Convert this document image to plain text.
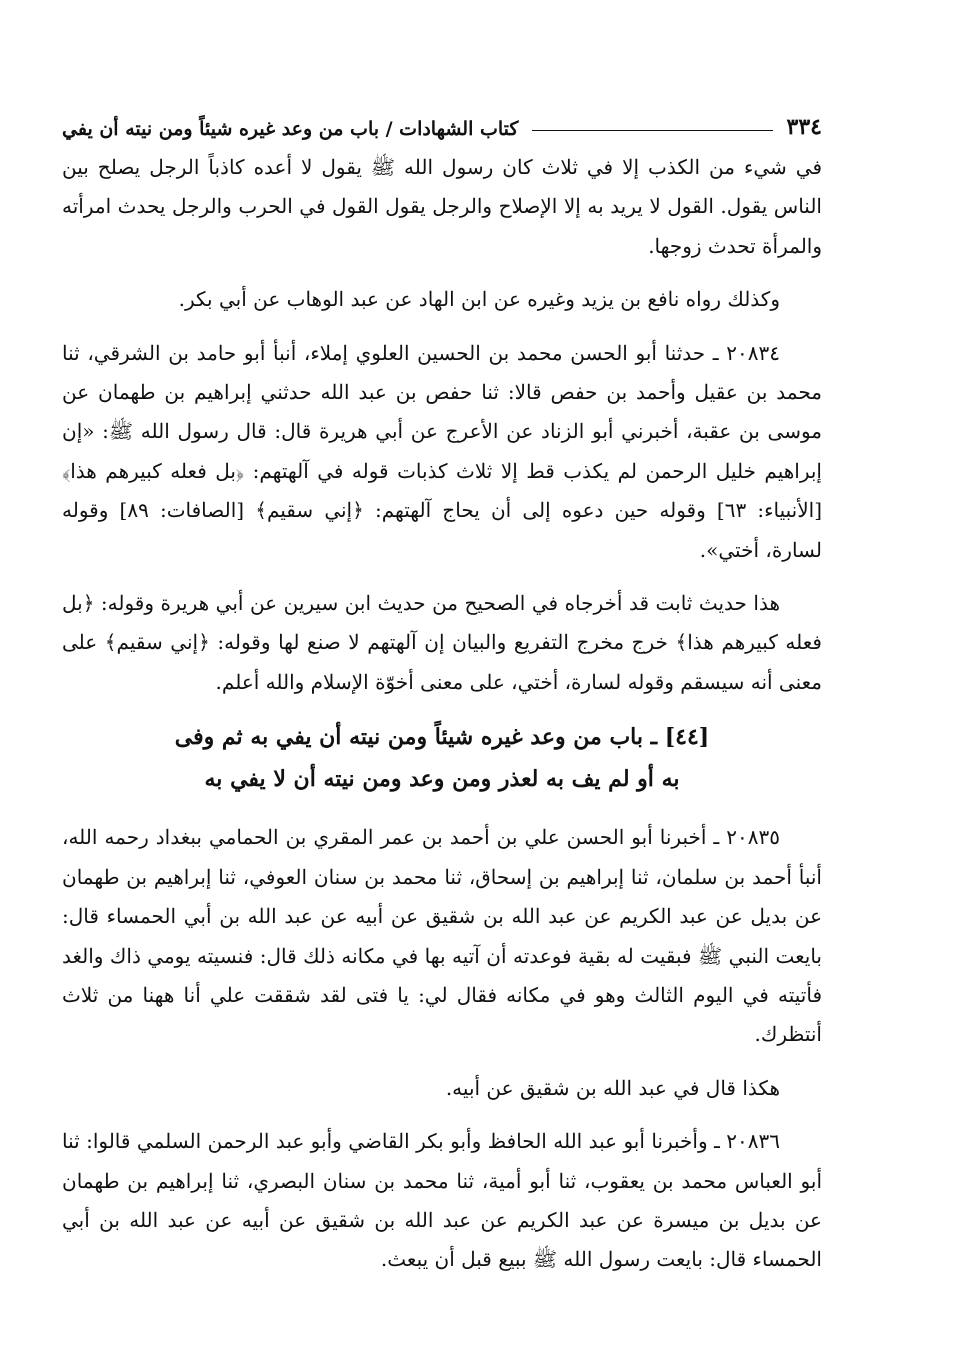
٣٣٤
كتاب الشهادات / باب من وعد غيره شيئاً ومن نيته أن يفي

في شيء من الكذب إلا في ثلاث كان رسول الله ﷺ يقول لا أعده كاذباً الرجل يصلح بين الناس يقول. القول لا يريد به إلا الإصلاح والرجل يقول القول في الحرب والرجل يحدث امرأته والمرأة تحدث زوجها.

وكذلك رواه نافع بن يزيد وغيره عن ابن الهاد عن عبد الوهاب عن أبي بكر.

٢٠٨٣٤ ـ حدثنا أبو الحسن محمد بن الحسين العلوي إملاء، أنبأ أبو حامد بن الشرقي، ثنا محمد بن عقيل وأحمد بن حفص قالا: ثنا حفص بن عبد الله حدثني إبراهيم بن طهمان عن موسى بن عقبة، أخبرني أبو الزناد عن الأعرج عن أبي هريرة قال: قال رسول الله ﷺ: «إن إبراهيم خليل الرحمن لم يكذب قط إلا ثلاث كذبات قوله في آلهتهم: ﴿بل فعله كبيرهم هذا﴾ [الأنبياء: ٦٣] وقوله حين دعوه إلى أن يحاج آلهتهم: ﴿إني سقيم﴾ [الصافات: ٨٩] وقوله لسارة، أختي».

هذا حديث ثابت قد أخرجاه في الصحيح من حديث ابن سيرين عن أبي هريرة وقوله: ﴿بل فعله كبيرهم هذا﴾ خرج مخرج التفريع والبيان إن آلهتهم لا صنع لها وقوله: ﴿إني سقيم﴾ على معنى أنه سيسقم وقوله لسارة، أختي، على معنى أخوّة الإسلام والله أعلم.

[٤٤] ـ باب من وعد غيره شيئاً ومن نيته أن يفي به ثم وفى
به أو لم يف به لعذر ومن وعد ومن نيته أن لا يفي به

٢٠٨٣٥ ـ أخبرنا أبو الحسن علي بن أحمد بن عمر المقري بن الحمامي ببغداد رحمه الله، أنبأ أحمد بن سلمان، ثنا إبراهيم بن إسحاق، ثنا محمد بن سنان العوفي، ثنا إبراهيم بن طهمان عن بديل عن عبد الكريم عن عبد الله بن شقيق عن أبيه عن عبد الله بن أبي الحمساء قال: بايعت النبي ﷺ فبقيت له بقية فوعدته أن آتيه بها في مكانه ذلك قال: فنسيته يومي ذاك والغد فأتيته في اليوم الثالث وهو في مكانه فقال لي: يا فتى لقد شققت علي أنا ههنا من ثلاث أنتظرك.

هكذا قال في عبد الله بن شقيق عن أبيه.

٢٠٨٣٦ ـ وأخبرنا أبو عبد الله الحافظ وأبو بكر القاضي وأبو عبد الرحمن السلمي قالوا: ثنا أبو العباس محمد بن يعقوب، ثنا أبو أمية، ثنا محمد بن سنان البصري، ثنا إبراهيم بن طهمان عن بديل بن ميسرة عن عبد الكريم عن عبد الله بن شقيق عن أبيه عن عبد الله بن أبي الحمساء قال: بايعت رسول الله ﷺ ببيع قبل أن يبعث.
